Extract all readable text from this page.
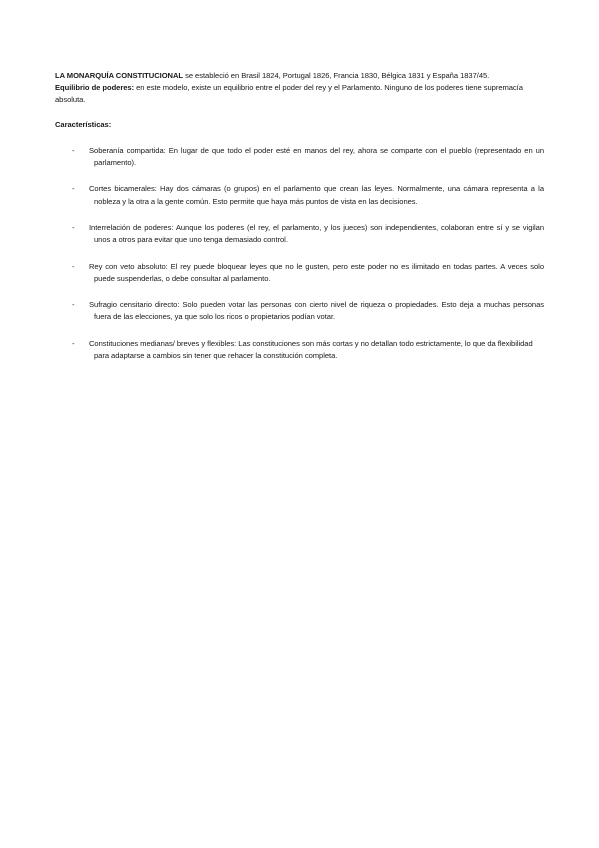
LA MONARQUÍA CONSTITUCIONAL se estableció en Brasil 1824, Portugal 1826, Francia 1830, Bélgica 1831 y España 1837/45.

Equilibrio de poderes: en este modelo, existe un equilibrio entre el poder del rey y el Parlamento. Ninguno de los poderes tiene supremacía absoluta.

Características:

- Soberanía compartida: En lugar de que todo el poder esté en manos del rey, ahora se comparte con el pueblo (representado en un parlamento).
- Cortes bicamerales: Hay dos cámaras (o grupos) en el parlamento que crean las leyes. Normalmente, una cámara representa a la nobleza y la otra a la gente común. Esto permite que haya más puntos de vista en las decisiones.
- Interrelación de poderes: Aunque los poderes (el rey, el parlamento, y los jueces) son independientes, colaboran entre sí y se vigilan unos a otros para evitar que uno tenga demasiado control.
- Rey con veto absoluto: El rey puede bloquear leyes que no le gusten, pero este poder no es ilimitado en todas partes. A veces solo puede suspenderlas, o debe consultar al parlamento.
- Sufragio censitario directo: Solo pueden votar las personas con cierto nivel de riqueza o propiedades. Esto deja a muchas personas fuera de las elecciones, ya que solo los ricos o propietarios podían votar.
- Constituciones medianas/ breves y flexibles: Las constituciones son más cortas y no detallan todo estrictamente, lo que da flexibilidad para adaptarse a cambios sin tener que rehacer la constitución completa.
